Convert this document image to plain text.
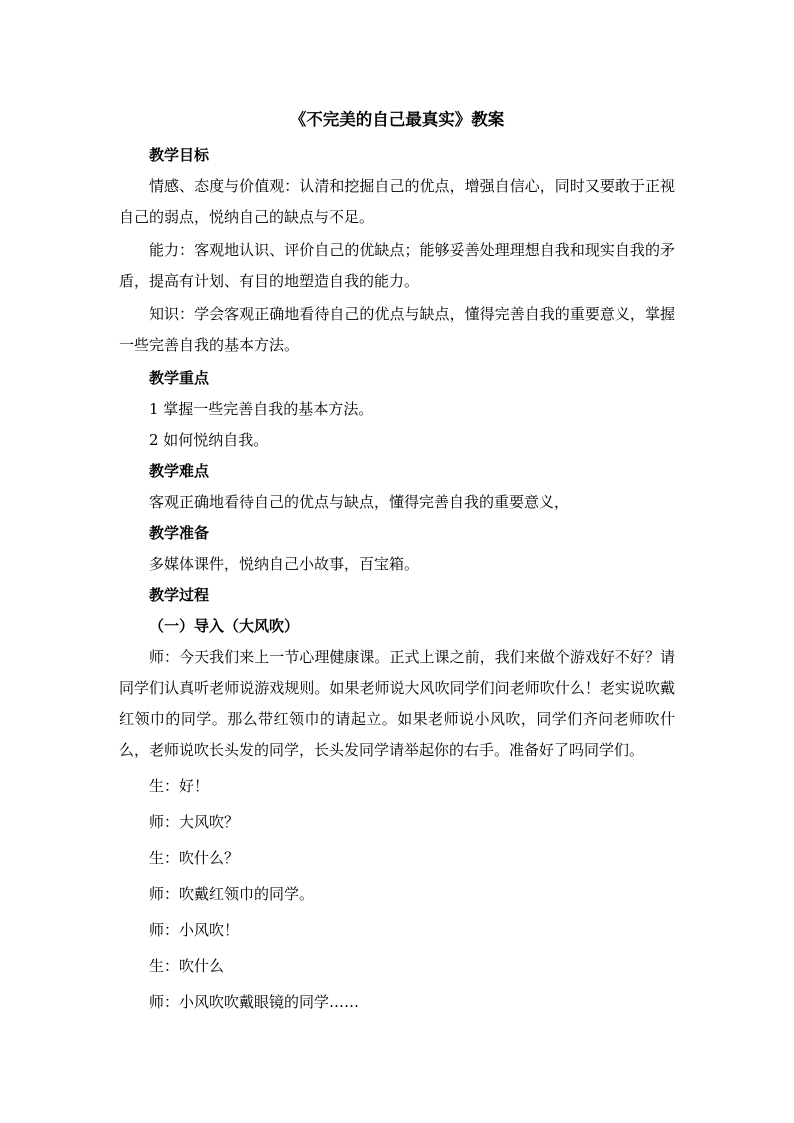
《不完美的自己最真实》教案

教学目标

情感、态度与价值观：认清和挖掘自己的优点，增强自信心，同时又要敢于正视自己的弱点，悦纳自己的缺点与不足。

能力：客观地认识、评价自己的优缺点；能够妥善处理理想自我和现实自我的矛盾，提高有计划、有目的地塑造自我的能力。

知识：学会客观正确地看待自己的优点与缺点，懂得完善自我的重要意义，掌握一些完善自我的基本方法。

教学重点

1 掌握一些完善自我的基本方法。

2 如何悦纳自我。

教学难点

客观正确地看待自己的优点与缺点，懂得完善自我的重要意义，

教学准备

多媒体课件，悦纳自己小故事，百宝箱。

教学过程

（一）导入（大风吹）

师：今天我们来上一节心理健康课。正式上课之前，我们来做个游戏好不好？请同学们认真听老师说游戏规则。如果老师说大风吹同学们问老师吹什么！老实说吹戴红领巾的同学。那么带红领巾的请起立。如果老师说小风吹，同学们齐问老师吹什么，老师说吹长头发的同学，长头发同学请举起你的右手。准备好了吗同学们。

生：好！

师：大风吹？

生：吹什么？

师：吹戴红领巾的同学。

师：小风吹！

生：吹什么

师：小风吹吹戴眼镜的同学……
